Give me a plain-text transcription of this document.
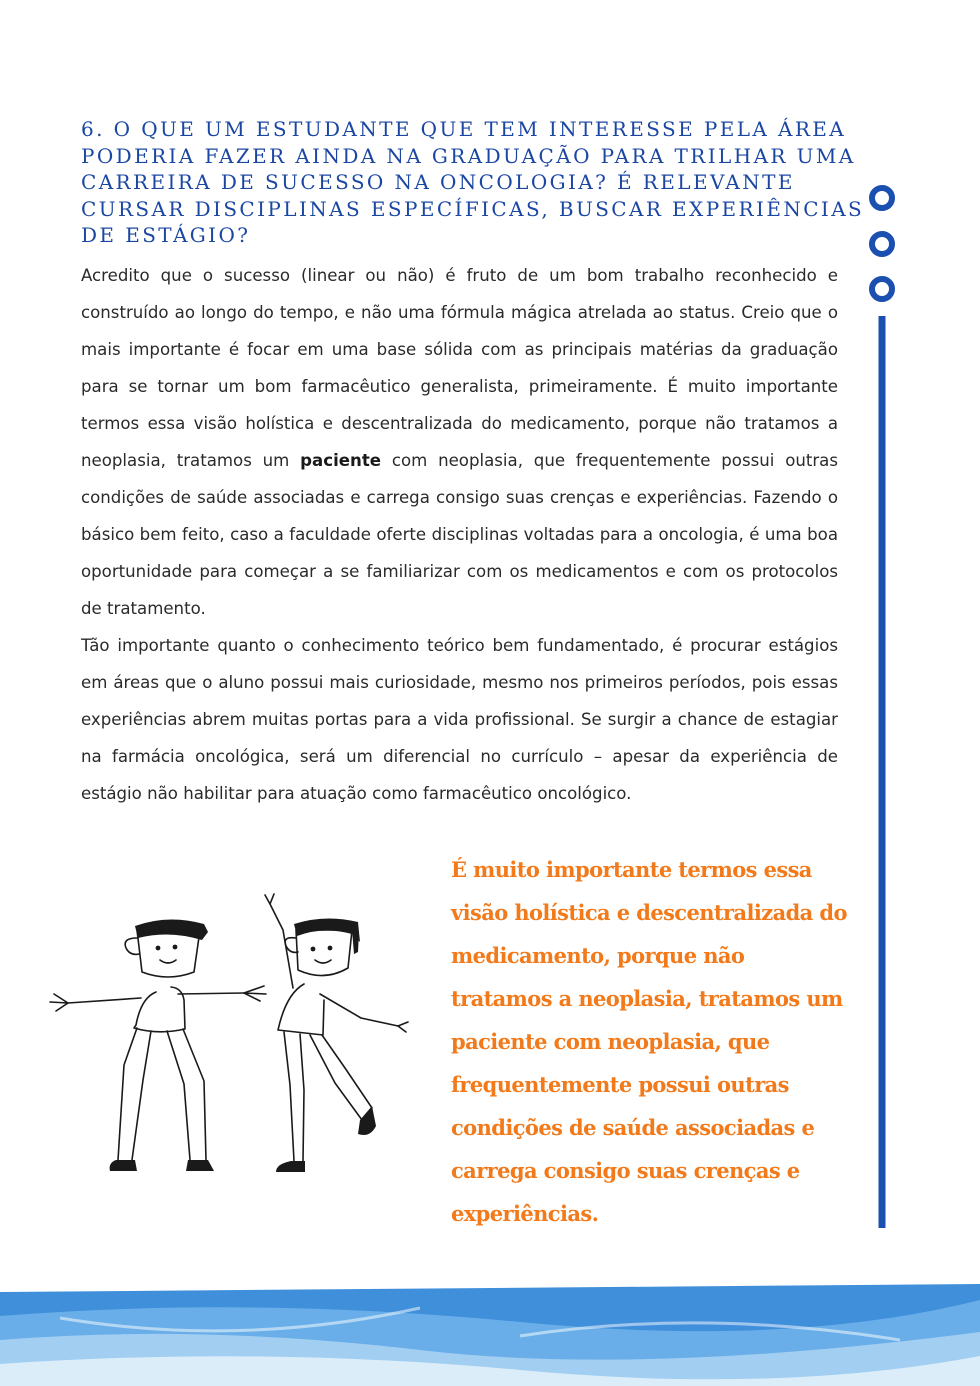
6. O QUE UM ESTUDANTE QUE TEM INTERESSE PELA ÁREA PODERIA FAZER AINDA NA GRADUAÇÃO PARA TRILHAR UMA CARREIRA DE SUCESSO NA ONCOLOGIA? É RELEVANTE CURSAR DISCIPLINAS ESPECÍFICAS, BUSCAR EXPERIÊNCIAS DE ESTÁGIO?

Acredito que o sucesso (linear ou não) é fruto de um bom trabalho reconhecido e construído ao longo do tempo, e não uma fórmula mágica atrelada ao status. Creio que o mais importante é focar em uma base sólida com as principais matérias da graduação para se tornar um bom farmacêutico generalista, primeiramente. É muito importante termos essa visão holística e descentralizada do medicamento, porque não tratamos a neoplasia, tratamos um paciente com neoplasia, que frequentemente possui outras condições de saúde associadas e carrega consigo suas crenças e experiências. Fazendo o básico bem feito, caso a faculdade oferte disciplinas voltadas para a oncologia, é uma boa oportunidade para começar a se familiarizar com os medicamentos e com os protocolos de tratamento.

Tão importante quanto o conhecimento teórico bem fundamentado, é procurar estágios em áreas que o aluno possui mais curiosidade, mesmo nos primeiros períodos, pois essas experiências abrem muitas portas para a vida profissional. Se surgir a chance de estagiar na farmácia oncológica, será um diferencial no currículo – apesar da experiência de estágio não habilitar para atuação como farmacêutico oncológico.

É muito importante termos essa visão holística e descentralizada do medicamento, porque não tratamos a neoplasia, tratamos um paciente com neoplasia, que frequentemente possui outras condições de saúde associadas e carrega consigo suas crenças e experiências.
